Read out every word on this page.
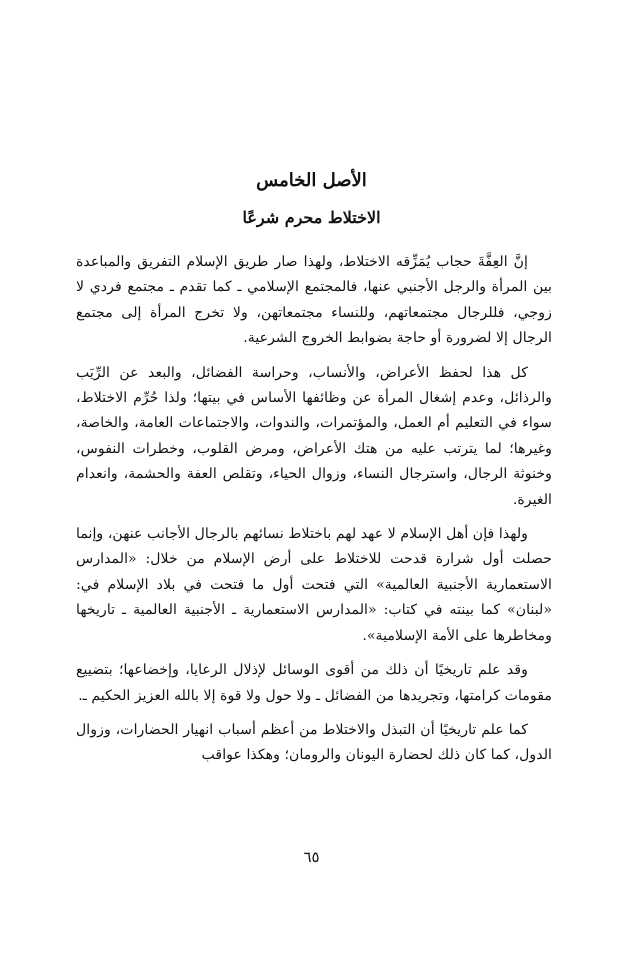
الأصل الخامس
الاختلاط محرم شرعًا

إنَّ العِفَّةَ حجاب يُمَزِّقه الاختلاط، ولهذا صار طريق الإسلام التفريق والمباعدة بين المرأة والرجل الأجنبي عنها، فالمجتمع الإسلامي ـ كما تقدم ـ مجتمع فردي لا زوجي، فللرجال مجتمعاتهم، وللنساء مجتمعاتهن، ولا تخرج المرأة إلى مجتمع الرجال إلا لضرورة أو حاجة بضوابط الخروج الشرعية.

كل هذا لحفظ الأعراض، والأنساب، وحراسة الفضائل، والبعد عن الرِّيَب والرذائل، وعدم إشغال المرأة عن وظائفها الأساس في بيتها؛ ولذا حُرِّم الاختلاط، سواء في التعليم أم العمل، والمؤتمرات، والندوات، والاجتماعات العامة، والخاصة، وغيرها؛ لما يترتب عليه من هتك الأعراض، ومرض القلوب، وخطرات النفوس، وخنوثة الرجال، واسترجال النساء، وزوال الحياء، وتقلص العفة والحشمة، وانعدام الغيرة.

ولهذا فإن أهل الإسلام لا عهد لهم باختلاط نسائهم بالرجال الأجانب عنهن، وإنما حصلت أول شرارة قدحت للاختلاط على أرض الإسلام من خلال: «المدارس الاستعمارية الأجنبية العالمية» التي فتحت أول ما فتحت في بلاد الإسلام في: «لبنان» كما بينته في كتاب: «المدارس الاستعمارية ـ الأجنبية العالمية ـ تاريخها ومخاطرها على الأمة الإسلامية».

وقد علم تاريخيًا أن ذلك من أقوى الوسائل لإذلال الرعايا، وإخضاعها؛ بتضييع مقومات كرامتها، وتجريدها من الفضائل ـ ولا حول ولا قوة إلا بالله العزيز الحكيم ـ.

كما علم تاريخيًا أن التبذل والاختلاط من أعظم أسباب انهيار الحضارات، وزوال الدول، كما كان ذلك لحضارة اليونان والرومان؛ وهكذا عواقب

٦٥
